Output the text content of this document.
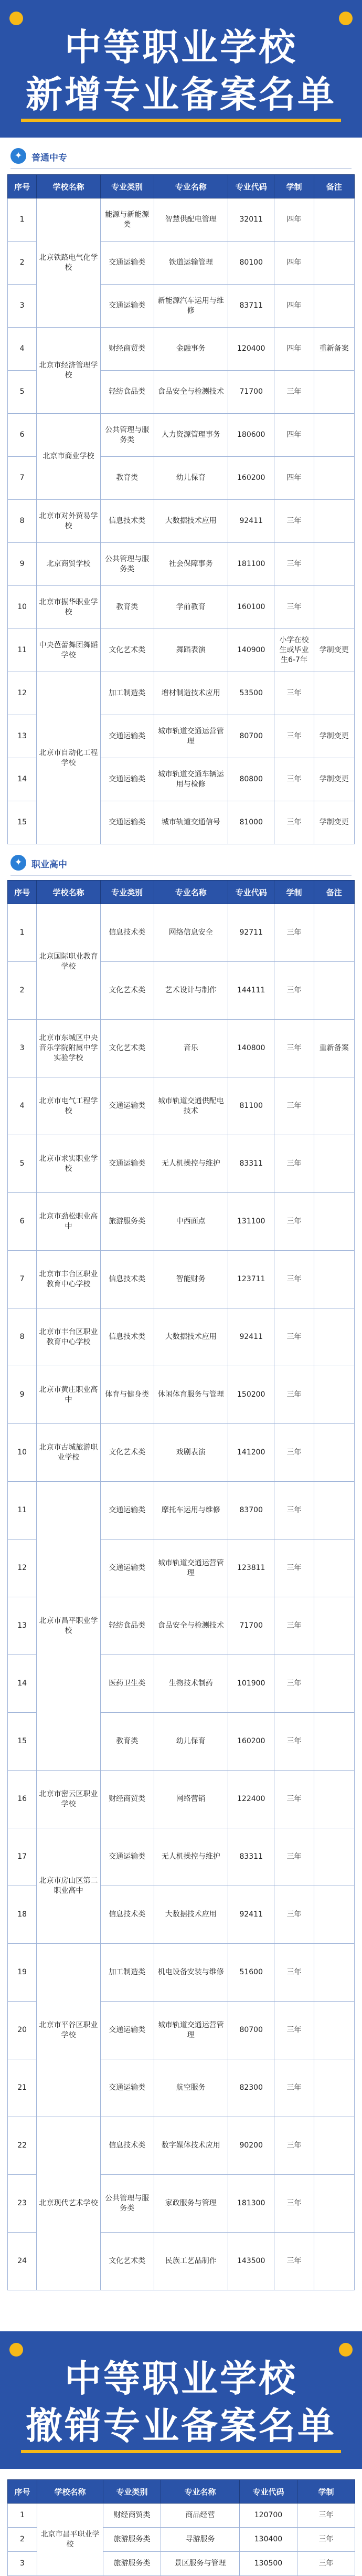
中等职业学校
新增专业备案名单
✦	普通中专
序号	学校名称	专业类别	专业名称	专业代码	学制	备注
1	北京铁路电气化学校	能源与新能源类	智慧供配电管理	32011	四年	
2		交通运输类	铁道运输管理	80100	四年	
3		交通运输类	新能源汽车运用与维修	83711	四年	
4	北京市经济管理学校	财经商贸类	金融事务	120400	四年	重新备案
5		轻纺食品类	食品安全与检测技术	71700	三年	
6	北京市商业学校	公共管理与服务类	人力资源管理事务	180600	四年	
7		教育类	幼儿保育	160200	四年	
8	北京市对外贸易学校	信息技术类	大数据技术应用	92411	三年	
9	北京商贸学校	公共管理与服务类	社会保障事务	181100	三年	
10	北京市振华职业学校	教育类	学前教育	160100	三年	
11	中央芭蕾舞团舞蹈学校	文化艺术类	舞蹈表演	140900	小学在校生或毕业生6-7年	学制变更
12	北京市自动化工程学校	加工制造类	增材制造技术应用	53500	三年	
13		交通运输类	城市轨道交通运营管理	80700	三年	学制变更
14		交通运输类	城市轨道交通车辆运用与检修	80800	三年	学制变更
15		交通运输类	城市轨道交通信号	81000	三年	学制变更
✦	职业高中
序号	学校名称	专业类别	专业名称	专业代码	学制	备注
1	北京国际职业教育学校	信息技术类	网络信息安全	92711	三年	
2		文化艺术类	艺术设计与制作	144111	三年	
3	北京市东城区中央音乐学院附属中学实验学校	文化艺术类	音乐	140800	三年	重新备案
4	北京市电气工程学校	交通运输类	城市轨道交通供配电技术	81100	三年	
5	北京市求实职业学校	交通运输类	无人机操控与维护	83311	三年	
6	北京市劲松职业高中	旅游服务类	中西面点	131100	三年	
7	北京市丰台区职业教育中心学校	信息技术类	智能财务	123711	三年	
8	北京市丰台区职业教育中心学校	信息技术类	大数据技术应用	92411	三年	
9	北京市黄庄职业高中	体育与健身类	休闲体育服务与管理	150200	三年	
10	北京市古城旅游职业学校	文化艺术类	戏剧表演	141200	三年	
11	北京市昌平职业学校	交通运输类	摩托车运用与维修	83700	三年	
12		交通运输类	城市轨道交通运营管理	123811	三年	
13		轻纺食品类	食品安全与检测技术	71700	三年	
14		医药卫生类	生物技术制药	101900	三年	
15		教育类	幼儿保育	160200	三年	
16	北京市密云区职业学校	财经商贸类	网络营销	122400	三年	
17	北京市房山区第二职业高中	交通运输类	无人机操控与维护	83311	三年	
18		信息技术类	大数据技术应用	92411	三年	
19	北京市平谷区职业学校	加工制造类	机电设备安装与维修	51600	三年	
20		交通运输类	城市轨道交通运营管理	80700	三年	
21		交通运输类	航空服务	82300	三年	
22	北京现代艺术学校	信息技术类	数字媒体技术应用	90200	三年	
23		公共管理与服务类	家政服务与管理	181300	三年	
24		文化艺术类	民族工艺品制作	143500	三年	
中等职业学校
撤销专业备案名单
序号	学校名称	专业类别	专业名称	专业代码	学制
1	北京市昌平职业学校	财经商贸类	商品经营	120700	三年
2		旅游服务类	导游服务	130400	三年
3		旅游服务类	景区服务与管理	130500	三年
